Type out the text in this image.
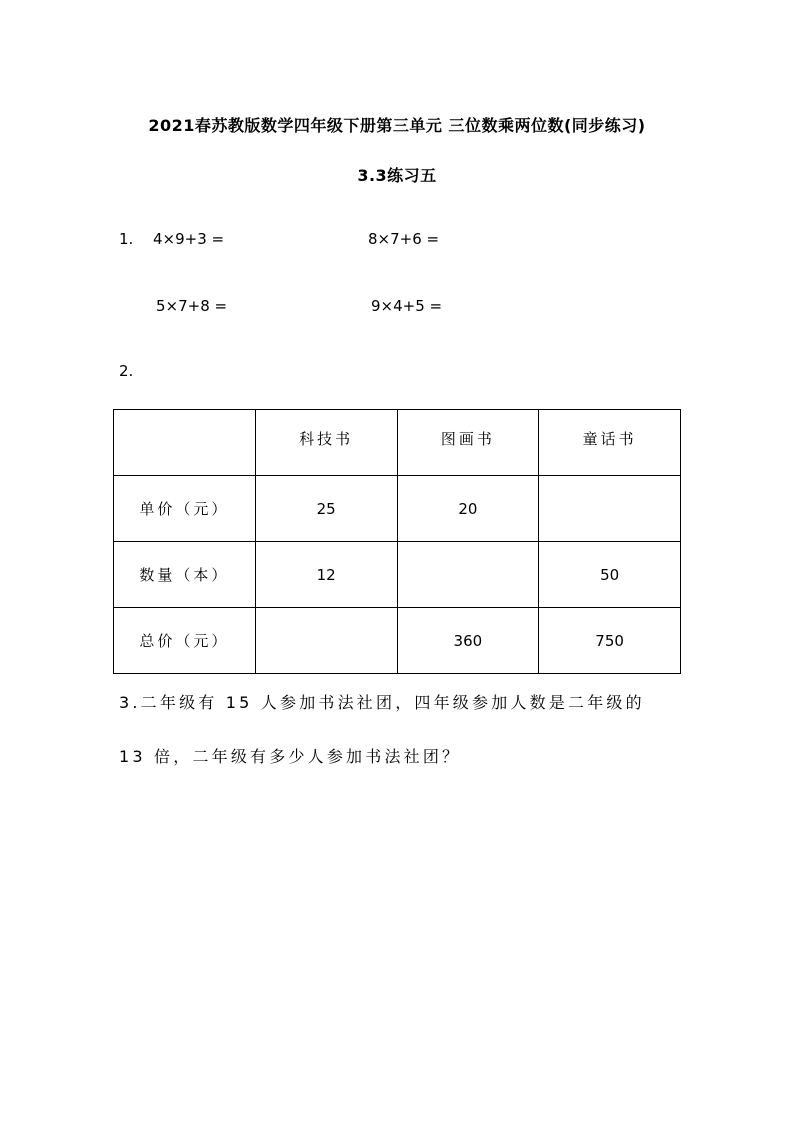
2021春苏教版数学四年级下册第三单元 三位数乘两位数(同步练习)
3.3练习五
1. 4×9+3 =	8×7+6 =
5×7+8 =	9×4+5 =
2.
	科技书	图画书	童话书
单价（元）	25	20	
数量（本）	12		50
总价（元）		360	750
3.二年级有 15 人参加书法社团，四年级参加人数是二年级的
13 倍，二年级有多少人参加书法社团？
